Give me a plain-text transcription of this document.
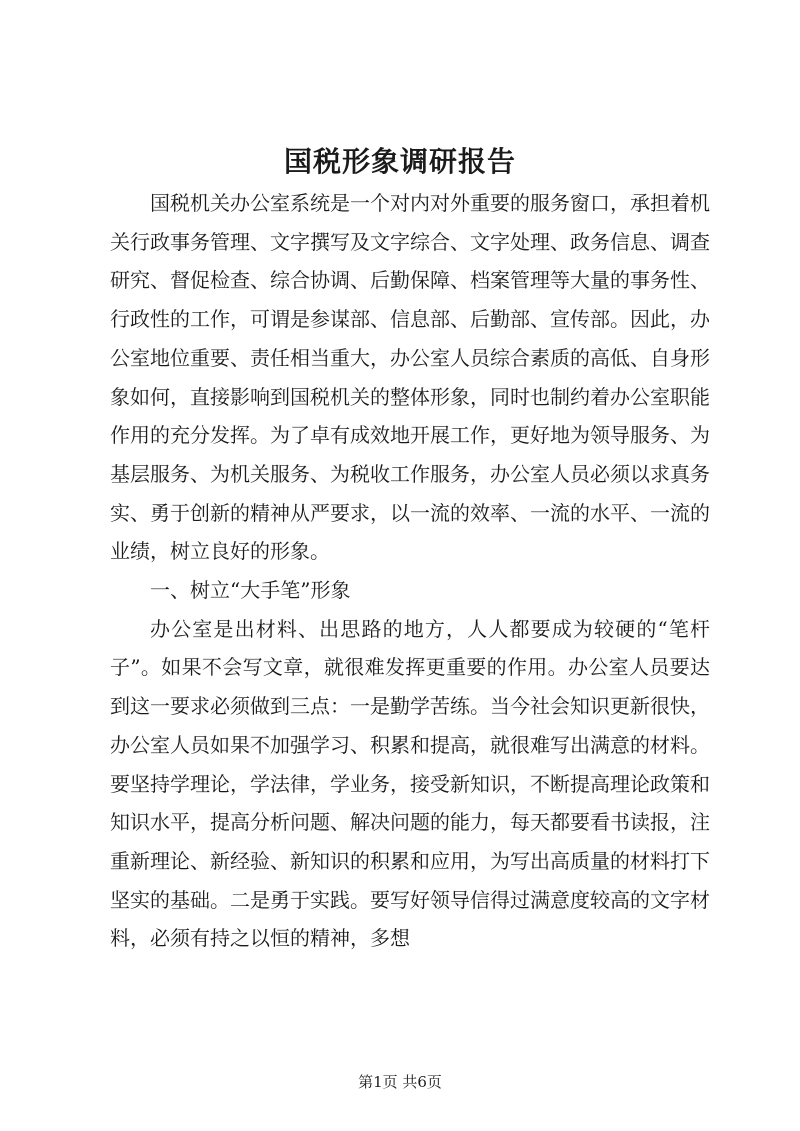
国税形象调研报告

国税机关办公室系统是一个对内对外重要的服务窗口，承担着机关行政事务管理、文字撰写及文字综合、文字处理、政务信息、调查研究、督促检查、综合协调、后勤保障、档案管理等大量的事务性、行政性的工作，可谓是参谋部、信息部、后勤部、宣传部。因此，办公室地位重要、责任相当重大，办公室人员综合素质的高低、自身形象如何，直接影响到国税机关的整体形象，同时也制约着办公室职能作用的充分发挥。为了卓有成效地开展工作，更好地为领导服务、为基层服务、为机关服务、为税收工作服务，办公室人员必须以求真务实、勇于创新的精神从严要求，以一流的效率、一流的水平、一流的业绩，树立良好的形象。

一、树立“大手笔”形象

办公室是出材料、出思路的地方，人人都要成为较硬的“笔杆子”。如果不会写文章，就很难发挥更重要的作用。办公室人员要达到这一要求必须做到三点：一是勤学苦练。当今社会知识更新很快，办公室人员如果不加强学习、积累和提高，就很难写出满意的材料。要坚持学理论，学法律，学业务，接受新知识，不断提高理论政策和知识水平，提高分析问题、解决问题的能力，每天都要看书读报，注重新理论、新经验、新知识的积累和应用，为写出高质量的材料打下坚实的基础。二是勇于实践。要写好领导信得过满意度较高的文字材料，必须有持之以恒的精神，多想

第1页 共6页
